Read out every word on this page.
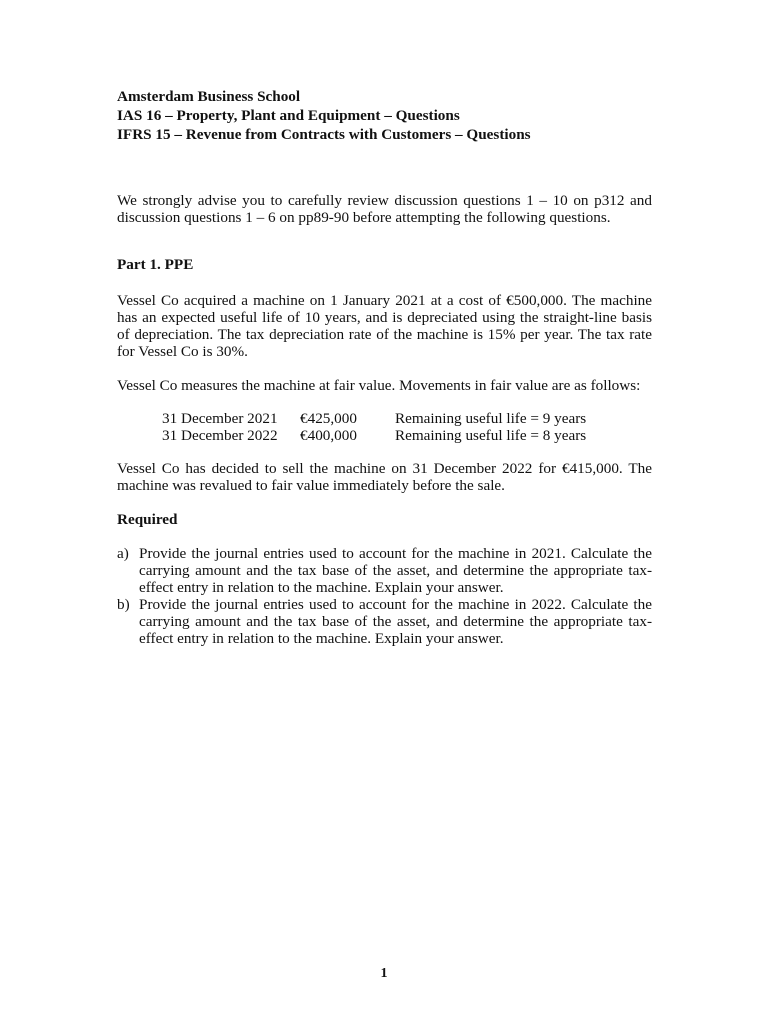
Amsterdam Business School

IAS 16 – Property, Plant and Equipment – Questions

IFRS 15 – Revenue from Contracts with Customers – Questions

We strongly advise you to carefully review discussion questions 1 – 10 on p312 and discussion questions 1 – 6 on pp89-90 before attempting the following questions.

Part 1. PPE

Vessel Co acquired a machine on 1 January 2021 at a cost of €500,000. The machine has an expected useful life of 10 years, and is depreciated using the straight-line basis of depreciation. The tax depreciation rate of the machine is 15% per year. The tax rate for Vessel Co is 30%.

Vessel Co measures the machine at fair value. Movements in fair value are as follows:

31 December 2021	€425,000	Remaining useful life = 9 years
31 December 2022	€400,000	Remaining useful life = 8 years

Vessel Co has decided to sell the machine on 31 December 2022 for €415,000. The machine was revalued to fair value immediately before the sale.

Required

a) Provide the journal entries used to account for the machine in 2021. Calculate the carrying amount and the tax base of the asset, and determine the appropriate tax-effect entry in relation to the machine. Explain your answer.
b) Provide the journal entries used to account for the machine in 2022. Calculate the carrying amount and the tax base of the asset, and determine the appropriate tax-effect entry in relation to the machine. Explain your answer.
1
